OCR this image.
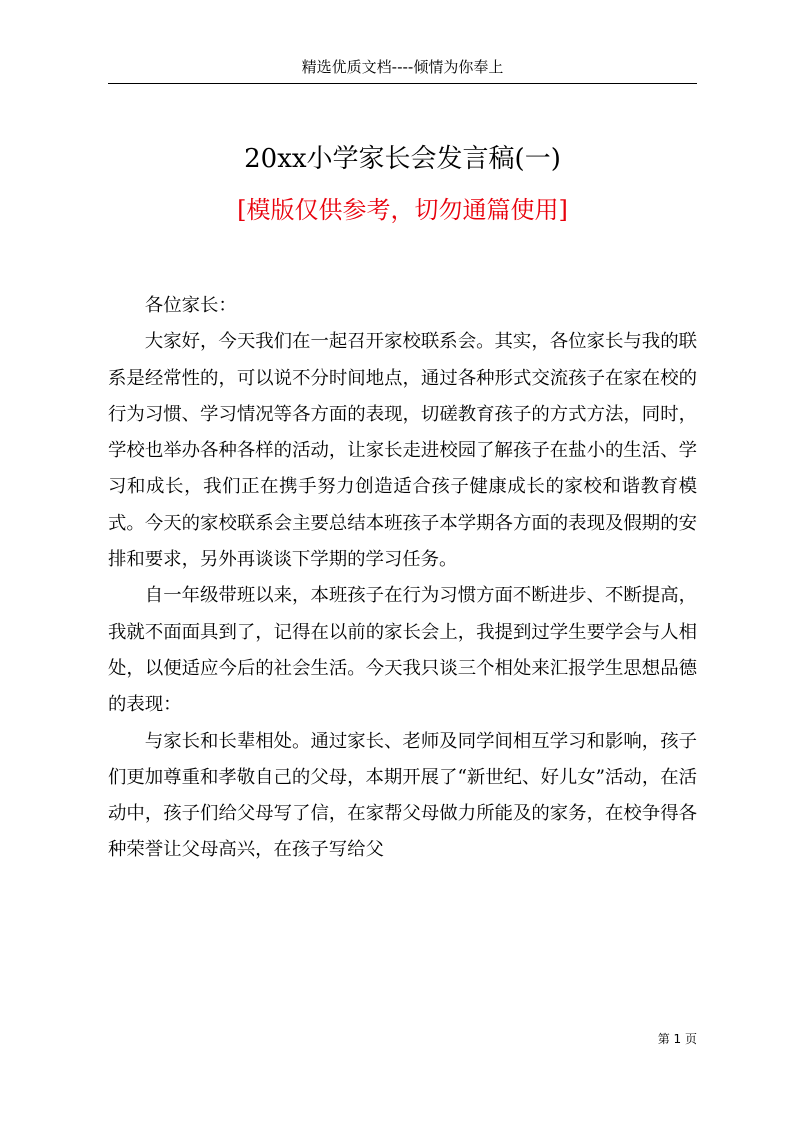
精选优质文档----倾情为你奉上
20xx小学家长会发言稿(一)
[模版仅供参考，切勿通篇使用]

各位家长：

大家好，今天我们在一起召开家校联系会。其实，各位家长与我的联系是经常性的，可以说不分时间地点，通过各种形式交流孩子在家在校的行为习惯、学习情况等各方面的表现，切磋教育孩子的方式方法，同时，学校也举办各种各样的活动，让家长走进校园了解孩子在盐小的生活、学习和成长，我们正在携手努力创造适合孩子健康成长的家校和谐教育模式。今天的家校联系会主要总结本班孩子本学期各方面的表现及假期的安排和要求，另外再谈谈下学期的学习任务。

自一年级带班以来，本班孩子在行为习惯方面不断进步、不断提高，我就不面面具到了，记得在以前的家长会上，我提到过学生要学会与人相处，以便适应今后的社会生活。今天我只谈三个相处来汇报学生思想品德的表现：

与家长和长辈相处。通过家长、老师及同学间相互学习和影响，孩子们更加尊重和孝敬自己的父母，本期开展了“新世纪、好儿女”活动，在活动中，孩子们给父母写了信，在家帮父母做力所能及的家务，在校争得各种荣誉让父母高兴，在孩子写给父

第 1 页
